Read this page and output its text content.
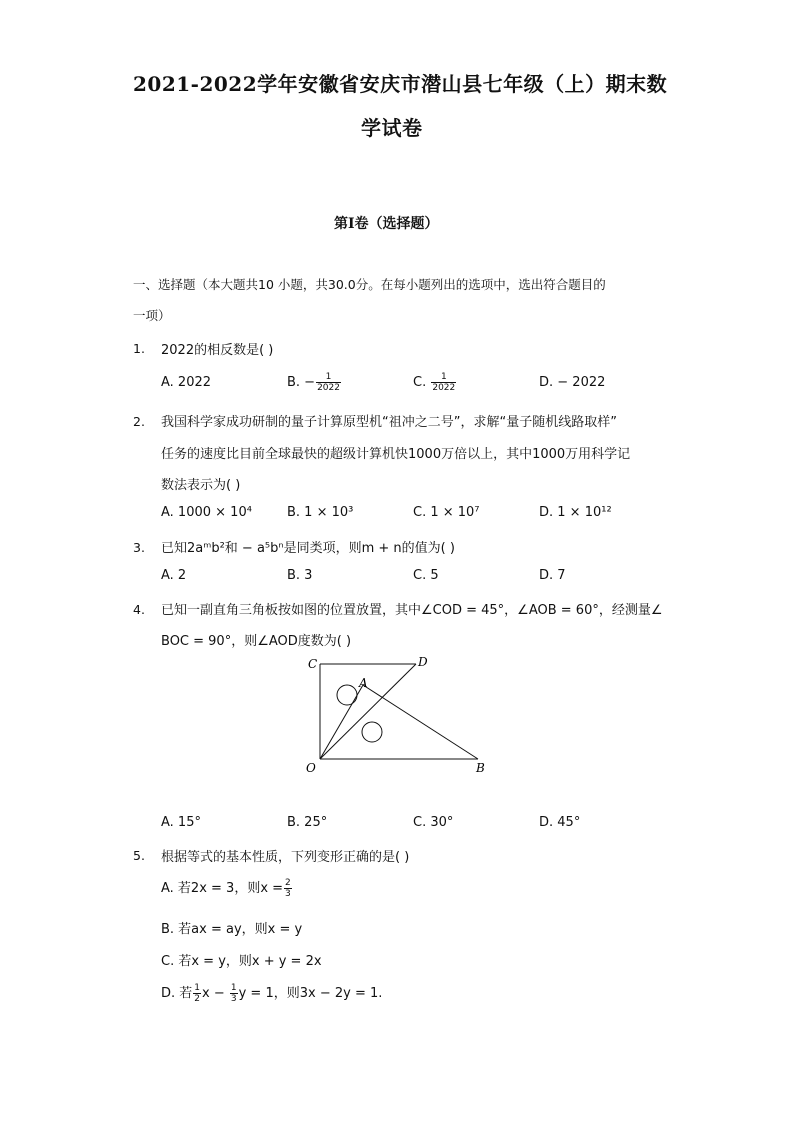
2021-2022学年安徽省安庆市潜山县七年级（上）期末数
学试卷
第I卷（选择题）
一、选择题（本大题共10 小题，共30.0分。在每小题列出的选项中，选出符合题目的
一项）
1. 2022的相反数是( )
A. 2022	B. − $\frac{1}{2022}$	C. $\frac{1}{2022}$	D. − 2022
2. 我国科学家成功研制的量子计算原型机“祖冲之二号”，求解“量子随机线路取样”
任务的速度比目前全球最快的超级计算机快1000万倍以上，其中1000万用科学记
数法表示为( )
A. 1000 × 10⁴	B. 1 × 10³	C. 1 × 10⁷	D. 1 × 10¹²
3. 已知2aᵐb²和 − a⁵bⁿ是同类项，则m + n的值为( )
A. 2	B. 3	C. 5	D. 7
4. 已知一副直角三角板按如图的位置放置，其中∠COD = 45°，∠AOB = 60°，经测量∠
BOC = 90°，则∠AOD度数为( )
C	D
A
O	B
A. 15°	B. 25°	C. 30°	D. 45°
5. 根据等式的基本性质，下列变形正确的是( )
A. 若2x = 3，则$x = \frac{2}{3}$
B. 若ax = ay，则x = y
C. 若x = y，则x + y = 2x
D. 若 $\frac{1}{2}$ $x - \frac{1}{3}$ y = 1，则3x − 2y = 1.
